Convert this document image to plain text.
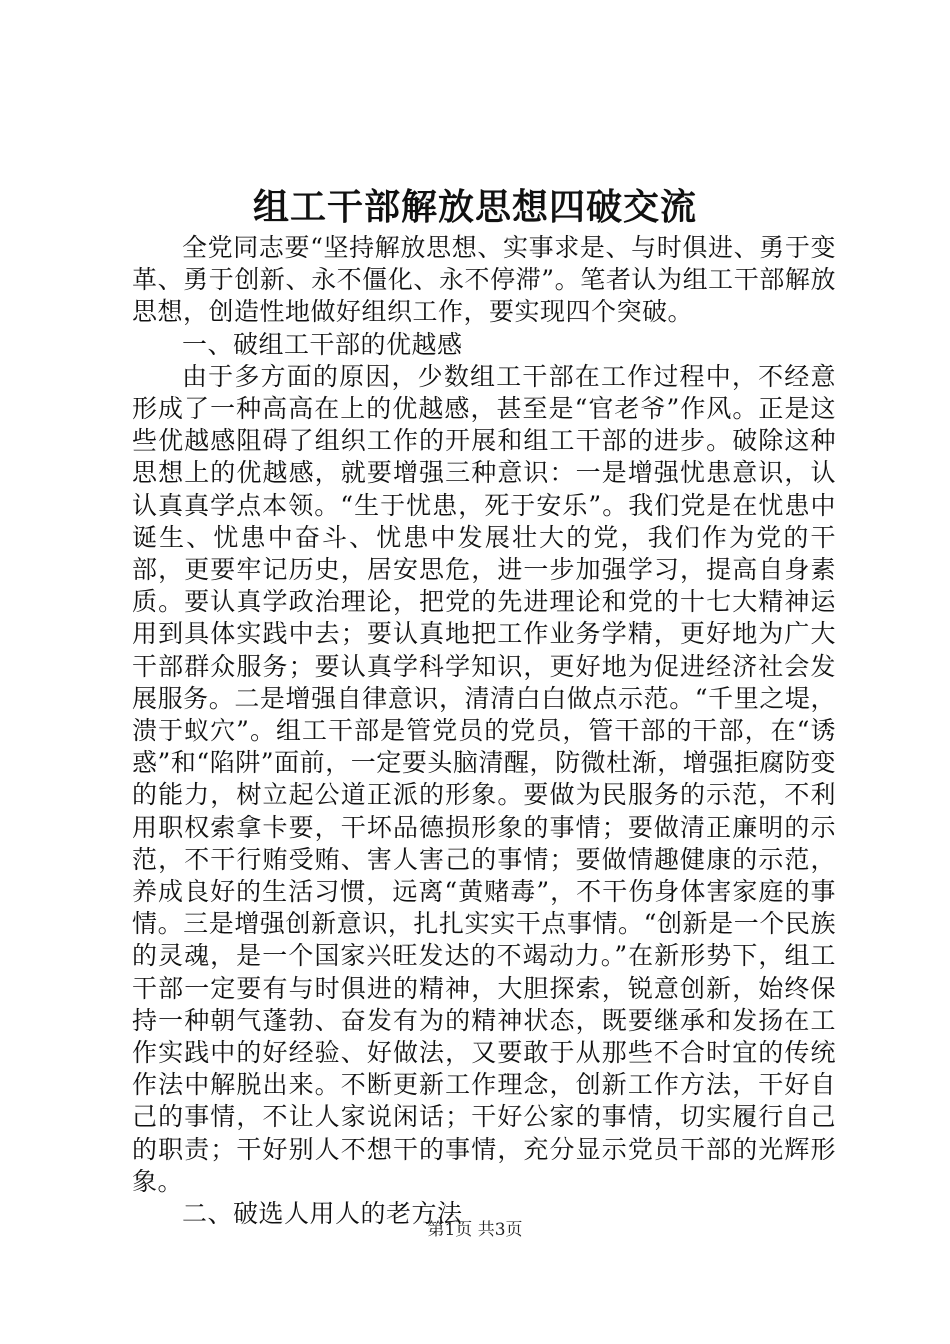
组工干部解放思想四破交流

全党同志要“坚持解放思想、实事求是、与时俱进、勇于变革、勇于创新、永不僵化、永不停滞”。笔者认为组工干部解放思想，创造性地做好组织工作，要实现四个突破。

一、破组工干部的优越感

由于多方面的原因，少数组工干部在工作过程中，不经意形成了一种高高在上的优越感，甚至是“官老爷”作风。正是这些优越感阻碍了组织工作的开展和组工干部的进步。破除这种思想上的优越感，就要增强三种意识：一是增强忧患意识，认认真真学点本领。“生于忧患，死于安乐”。我们党是在忧患中诞生、忧患中奋斗、忧患中发展壮大的党，我们作为党的干部，更要牢记历史，居安思危，进一步加强学习，提高自身素质。要认真学政治理论，把党的先进理论和党的十七大精神运用到具体实践中去；要认真地把工作业务学精，更好地为广大干部群众服务；要认真学科学知识，更好地为促进经济社会发展服务。二是增强自律意识，清清白白做点示范。“千里之堤，溃于蚁穴”。组工干部是管党员的党员，管干部的干部，在“诱惑”和“陷阱”面前，一定要头脑清醒，防微杜渐，增强拒腐防变的能力，树立起公道正派的形象。要做为民服务的示范，不利用职权索拿卡要，干坏品德损形象的事情；要做清正廉明的示范，不干行贿受贿、害人害己的事情；要做情趣健康的示范，养成良好的生活习惯，远离“黄赌毒”，不干伤身体害家庭的事情。三是增强创新意识，扎扎实实干点事情。“创新是一个民族的灵魂，是一个国家兴旺发达的不竭动力。”在新形势下，组工干部一定要有与时俱进的精神，大胆探索，锐意创新，始终保持一种朝气蓬勃、奋发有为的精神状态，既要继承和发扬在工作实践中的好经验、好做法，又要敢于从那些不合时宜的传统作法中解脱出来。不断更新工作理念，创新工作方法，干好自己的事情，不让人家说闲话；干好公家的事情，切实履行自己的职责；干好别人不想干的事情，充分显示党员干部的光辉形象。

二、破选人用人的老方法

第1页 共3页
